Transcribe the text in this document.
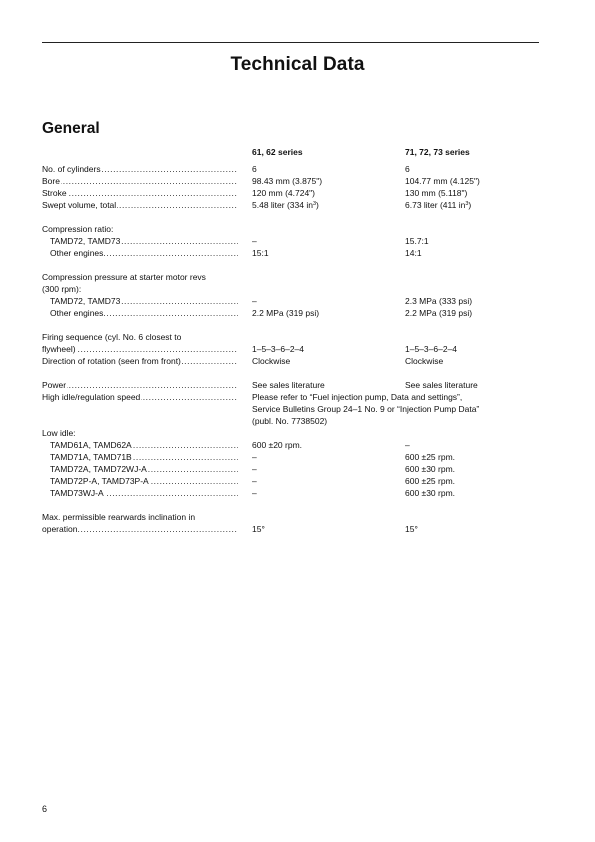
Technical Data
General
61, 62 series	71, 72, 73 series
No. of cylinders .....	6	6
Bore .....	98.43 mm (3.875")	104.77 mm (4.125")
Stroke .....	120 mm (4.724")	130 mm (5.118")
Swept volume, total .....	5.48 liter (334 $in^3$)	6.73 liter (411 $in^3$)
Compression ratio:
TAMD72, TAMD73 .....	–	15.7:1
Other engines .....	15:1	14:1
Compression pressure at starter motor revs
(300 rpm):
TAMD72, TAMD73 .....	–	2.3 MPa (333 psi)
Other engines .....	2.2 MPa (319 psi)	2.2 MPa (319 psi)
Firing sequence (cyl. No. 6 closest to
flywheel) .....	1–5–3–6–2–4	1–5–3–6–2–4
Direction of rotation (seen from front) .....	Clockwise	Clockwise
Power .....	See sales literature	See sales literature
High idle/regulation speed .....	Please refer to “Fuel injection pump, Data and settings”,
Service Bulletins Group 24–1 No. 9 or “Injection Pump Data”
(publ. No. 7738502)
Low idle:
TAMD61A, TAMD62A .....	600 ±20 rpm.	–
TAMD71A, TAMD71B .....	–	600 ±25 rpm.
TAMD72A, TAMD72WJ-A .....	–	600 ±30 rpm.
TAMD72P-A, TAMD73P-A .....	–	600 ±25 rpm.
TAMD73WJ-A .....	–	600 ±30 rpm.
Max. permissible rearwards inclination in
operation .....	15°	15°
6
